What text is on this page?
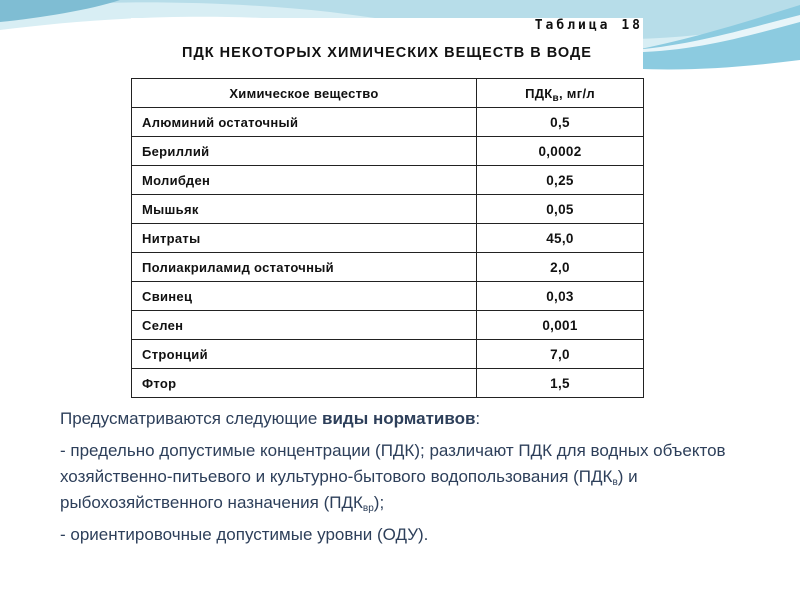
Таблица 18
ПДК НЕКОТОРЫХ ХИМИЧЕСКИХ ВЕЩЕСТВ В ВОДЕ
Химическое вещество	$ПДК_в$, мг/л
Алюминий остаточный	0,5
Бериллий	0,0002
Молибден	0,25
Мышьяк	0,05
Нитраты	45,0
Полиакриламид остаточный	2,0
Свинец	0,03
Селен	0,001
Стронций	7,0
Фтор	1,5

Предусматриваются следующие виды нормативов:

- предельно допустимые концентрации (ПДК); различают ПДК для водных объектов хозяйственно-питьевого и культурно-бытового водопользования $(ПДК_в)$ и рыбохозяйственного назначения $(ПДК_{вр})$;

- ориентировочные допустимые уровни (ОДУ).
